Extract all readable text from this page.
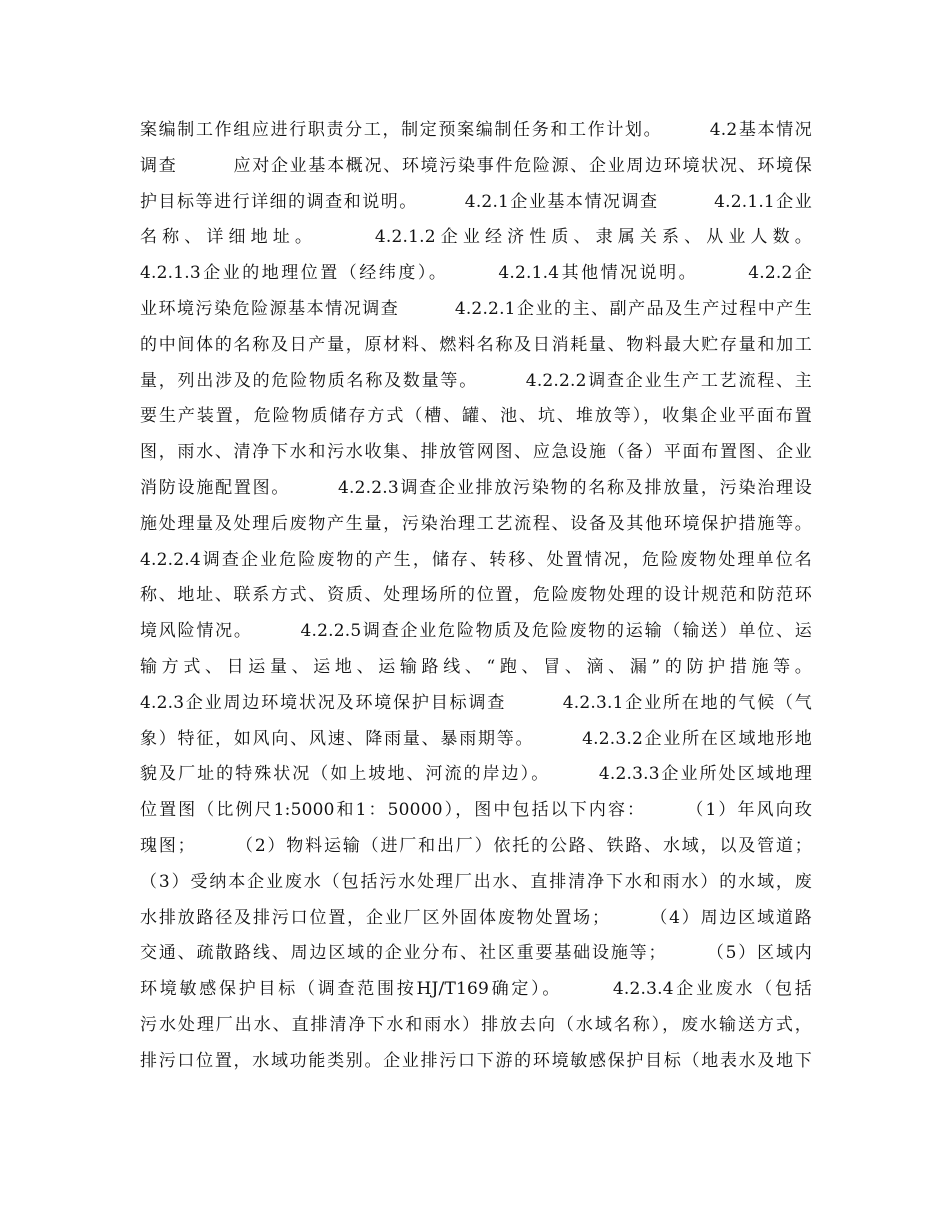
案编制工作组应进行职责分工，制定预案编制任务和工作计划。　　　4.2基本情况
调查　　　应对企业基本概况、环境污染事件危险源、企业周边环境状况、环境保
护目标等进行详细的调查和说明。　　　4.2.1企业基本情况调查　　　4.2.1.1企业
名称、详细地址。　　　4.2.1.2企业经济性质、隶属关系、从业人数。
4.2.1.3企业的地理位置（经纬度）。　　　4.2.1.4其他情况说明。　　　4.2.2企
业环境污染危险源基本情况调查　　　4.2.2.1企业的主、副产品及生产过程中产生
的中间体的名称及日产量，原材料、燃料名称及日消耗量、物料最大贮存量和加工
量，列出涉及的危险物质名称及数量等。　　　4.2.2.2调查企业生产工艺流程、主
要生产装置，危险物质储存方式（槽、罐、池、坑、堆放等），收集企业平面布置
图，雨水、清净下水和污水收集、排放管网图、应急设施（备）平面布置图、企业
消防设施配置图。　　　4.2.2.3调查企业排放污染物的名称及排放量，污染治理设
施处理量及处理后废物产生量，污染治理工艺流程、设备及其他环境保护措施等。
4.2.2.4调查企业危险废物的产生，储存、转移、处置情况，危险废物处理单位名
称、地址、联系方式、资质、处理场所的位置，危险废物处理的设计规范和防范环
境风险情况。　　　4.2.2.5调查企业危险物质及危险废物的运输（输送）单位、运
输方式、日运量、运地、运输路线、“跑、冒、滴、漏”的防护措施等。
4.2.3企业周边环境状况及环境保护目标调查　　　4.2.3.1企业所在地的气候（气
象）特征，如风向、风速、降雨量、暴雨期等。　　　4.2.3.2企业所在区域地形地
貌及厂址的特殊状况（如上坡地、河流的岸边）。　　　4.2.3.3企业所处区域地理
位置图（比例尺1:5000和1：50000），图中包括以下内容：　　　（1）年风向玫
瑰图；　　　（2）物料运输（进厂和出厂）依托的公路、铁路、水域，以及管道；
（3）受纳本企业废水（包括污水处理厂出水、直排清净下水和雨水）的水域，废
水排放路径及排污口位置，企业厂区外固体废物处置场；　　　（4）周边区域道路
交通、疏散路线、周边区域的企业分布、社区重要基础设施等；　　　（5）区域内
环境敏感保护目标（调查范围按HJ/T169确定）。　　　4.2.3.4企业废水（包括
污水处理厂出水、直排清净下水和雨水）排放去向（水域名称），废水输送方式，
排污口位置，水域功能类别。企业排污口下游的环境敏感保护目标（地表水及地下
